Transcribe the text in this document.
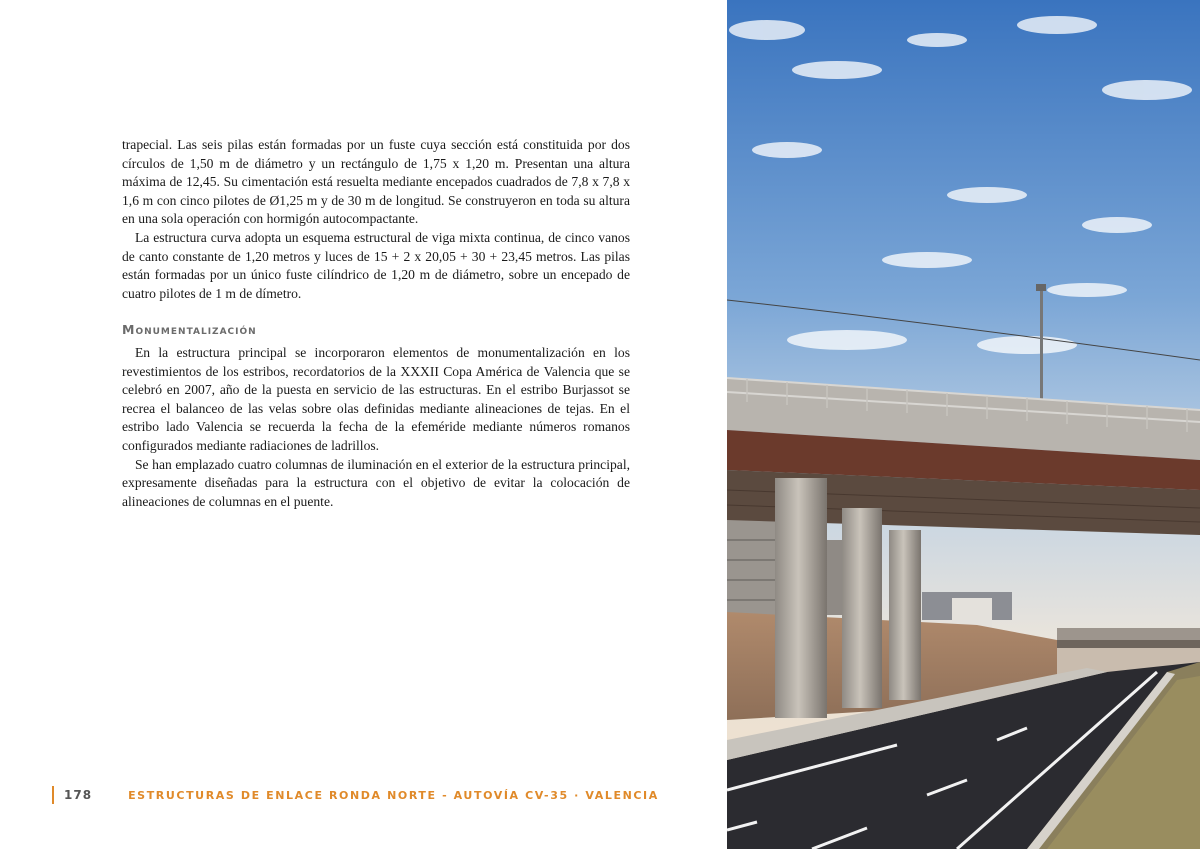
trapecial. Las seis pilas están formadas por un fuste cuya sección está constituida por dos círculos de 1,50 m de diámetro y un rectángulo de 1,75 x 1,20 m. Presentan una altura máxima de 12,45. Su cimentación está resuelta mediante encepados cuadrados de 7,8 x 7,8 x 1,6 m con cinco pilotes de Ø1,25 m y de 30 m de longitud. Se construyeron en toda su altura en una sola operación con hormigón autocompactante.

La estructura curva adopta un esquema estructural de viga mixta continua, de cinco vanos de canto constante de 1,20 metros y luces de 15 + 2 x 20,05 + 30 + 23,45 metros. Las pilas están formadas por un único fuste cilíndrico de 1,20 m de diámetro, sobre un encepado de cuatro pilotes de 1 m de dímetro.

Monumentalización

En la estructura principal se incorporaron elementos de monumentalización en los revestimientos de los estribos, recordatorios de la XXXII Copa América de Valencia que se celebró en 2007, año de la puesta en servicio de las estructuras. En el estribo Burjassot se recrea el balanceo de las velas sobre olas definidas mediante alineaciones de tejas. En el estribo lado Valencia se recuerda la fecha de la efeméride mediante números romanos configurados mediante radiaciones de ladrillos.

Se han emplazado cuatro columnas de iluminación en el exterior de la estructura principal, expresamente diseñadas para la estructura con el objetivo de evitar la colocación de alineaciones de columnas en el puente.

178	ESTRUCTURAS DE ENLACE RONDA NORTE - AUTOVÍA CV-35 · VALENCIA
